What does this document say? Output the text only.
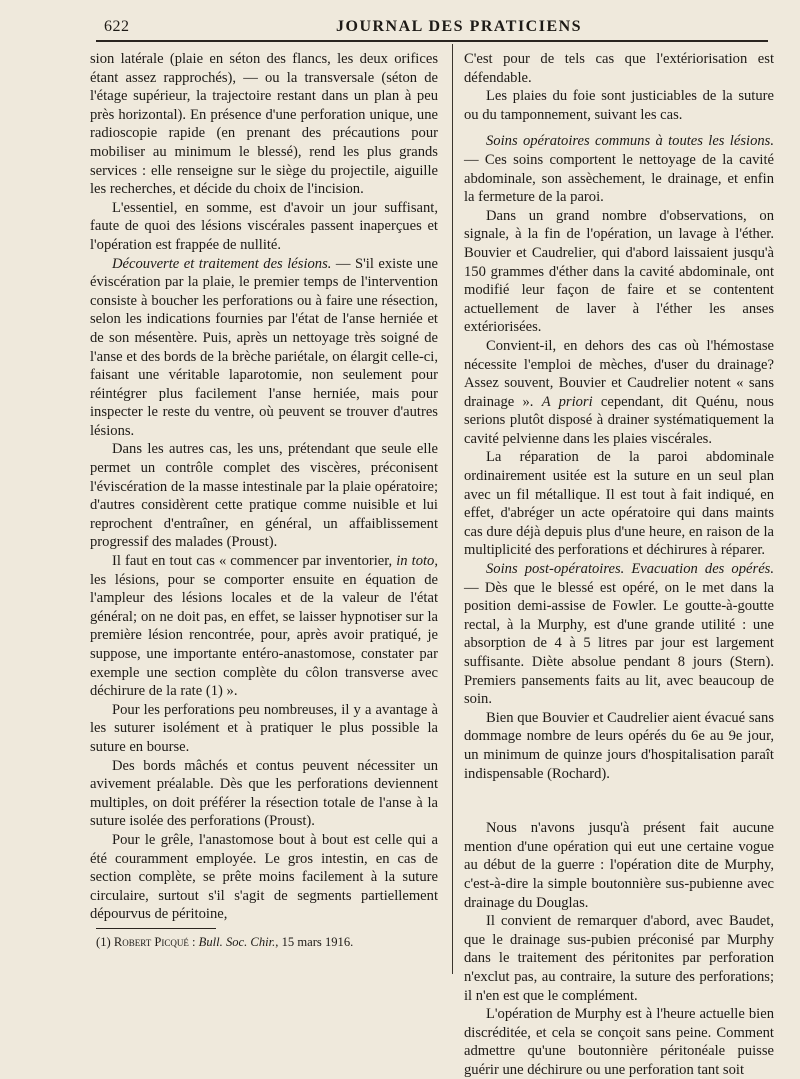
622	JOURNAL DES PRATICIENS

sion latérale (plaie en séton des flancs, les deux orifices étant assez rapprochés), — ou la transversale (séton de l'étage supérieur, la trajectoire restant dans un plan à peu près horizontal). En présence d'une perforation unique, une radioscopie rapide (en prenant des précautions pour mobiliser au minimum le blessé), rend les plus grands services : elle renseigne sur le siège du projectile, aiguille les recherches, et décide du choix de l'incision.

L'essentiel, en somme, est d'avoir un jour suffisant, faute de quoi des lésions viscérales passent inaperçues et l'opération est frappée de nullité.

Découverte et traitement des lésions. — S'il existe une éviscération par la plaie, le premier temps de l'intervention consiste à boucher les perforations ou à faire une résection, selon les indications fournies par l'état de l'anse herniée et de son mésentère. Puis, après un nettoyage très soigné de l'anse et des bords de la brèche pariétale, on élargit celle-ci, faisant une véritable laparotomie, non seulement pour réintégrer plus facilement l'anse herniée, mais pour inspecter le reste du ventre, où peuvent se trouver d'autres lésions.

Dans les autres cas, les uns, prétendant que seule elle permet un contrôle complet des viscères, préconisent l'éviscération de la masse intestinale par la plaie opératoire; d'autres considèrent cette pratique comme nuisible et lui reprochent d'entraîner, en général, un affaiblissement progressif des malades (Proust).

Il faut en tout cas « commencer par inventorier, in toto, les lésions, pour se comporter ensuite en équation de l'ampleur des lésions locales et de la valeur de l'état général; on ne doit pas, en effet, se laisser hypnotiser sur la première lésion rencontrée, pour, après avoir pratiqué, je suppose, une importante entéro-anastomose, constater par exemple une section complète du côlon transverse avec déchirure de la rate (1) ».

Pour les perforations peu nombreuses, il y a avantage à les suturer isolément et à pratiquer le plus possible la suture en bourse.

Des bords mâchés et contus peuvent nécessiter un avivement préalable. Dès que les perforations deviennent multiples, on doit préférer la résection totale de l'anse à la suture isolée des perforations (Proust).

Pour le grêle, l'anastomose bout à bout est celle qui a été couramment employée. Le gros intestin, en cas de section complète, se prête moins facilement à la suture circulaire, surtout s'il s'agit de segments partiellement dépourvus de péritoine,

(1) Robert Picqué : Bull. Soc. Chir., 15 mars 1916.

C'est pour de tels cas que l'extériorisation est défendable.

Les plaies du foie sont justiciables de la suture ou du tamponnement, suivant les cas.

Soins opératoires communs à toutes les lésions. — Ces soins comportent le nettoyage de la cavité abdominale, son assèchement, le drainage, et enfin la fermeture de la paroi.

Dans un grand nombre d'observations, on signale, à la fin de l'opération, un lavage à l'éther. Bouvier et Caudrelier, qui d'abord laissaient jusqu'à 150 grammes d'éther dans la cavité abdominale, ont modifié leur façon de faire et se contentent actuellement de laver à l'éther les anses extériorisées.

Convient-il, en dehors des cas où l'hémostase nécessite l'emploi de mèches, d'user du drainage? Assez souvent, Bouvier et Caudrelier notent « sans drainage ». A priori cependant, dit Quénu, nous serions plutôt disposé à drainer systématiquement la cavité pelvienne dans les plaies viscérales.

La réparation de la paroi abdominale ordinairement usitée est la suture en un seul plan avec un fil métallique. Il est tout à fait indiqué, en effet, d'abréger un acte opératoire qui dans maints cas dure déjà depuis plus d'une heure, en raison de la multiplicité des perforations et déchirures à réparer.

Soins post-opératoires. Evacuation des opérés. — Dès que le blessé est opéré, on le met dans la position demi-assise de Fowler. Le goutte-à-goutte rectal, à la Murphy, est d'une grande utilité : une absorption de 4 à 5 litres par jour est largement suffisante. Diète absolue pendant 8 jours (Stern). Premiers pansements faits au lit, avec beaucoup de soin.

Bien que Bouvier et Caudrelier aient évacué sans dommage nombre de leurs opérés du 6e au 9e jour, un minimum de quinze jours d'hospitalisation paraît indispensable (Rochard).

Nous n'avons jusqu'à présent fait aucune mention d'une opération qui eut une certaine vogue au début de la guerre : l'opération dite de Murphy, c'est-à-dire la simple boutonnière sus-pubienne avec drainage du Douglas.

Il convient de remarquer d'abord, avec Baudet, que le drainage sus-pubien préconisé par Murphy dans le traitement des péritonites par perforation n'exclut pas, au contraire, la suture des perforations; il n'en est que le complément.

L'opération de Murphy est à l'heure actuelle bien discréditée, et cela se conçoit sans peine. Comment admettre qu'une boutonnière péritonéale puisse guérir une déchirure ou une perforation tant soit
